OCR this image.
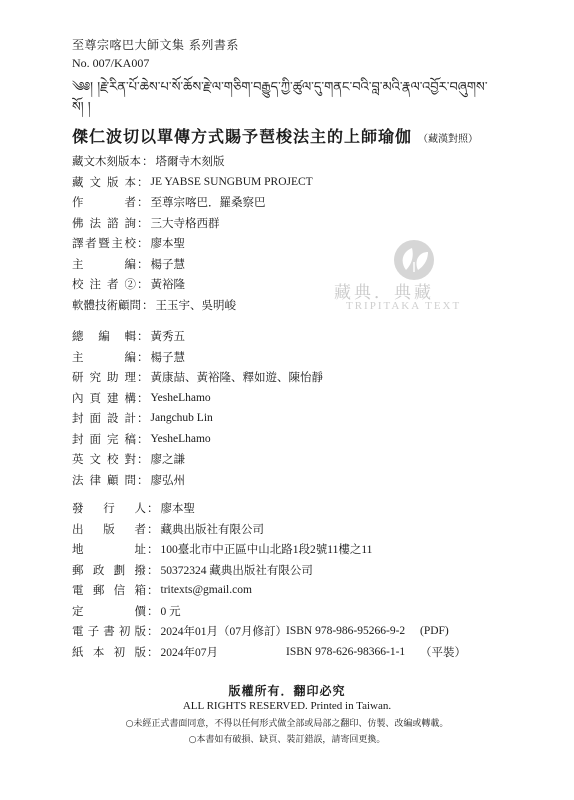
至尊宗喀巴大師文集 系列書系
No. 007/KA007
༄༅། །རྗེ་རིན་པོ་ཆེས་པ་སོ་ཆོས་རྗེ་ལ་གཅིག་བརྒྱུད་ཀྱི་ཚུལ་དུ་གནང་བའི་བླ་མའི་རྣལ་འབྱོར་བཞུགས་སོ། །
傑仁波切以單傳方式賜予琶梭法主的上師瑜伽 （藏漢對照）
藏文木刻版本 ： 塔爾寺木刻版
藏文版本 ： JE YABSE SUNGBUM PROJECT
作者 ： 至尊宗喀巴．羅桑察巴
佛法諮詢 ： 三大寺格西群
譯者暨主校 ： 廖本聖
主編 ： 楊子慧
校注者② ： 黃裕隆
軟體技術顧問 ： 王玉宇、吳明峻
藏典．典藏
TRIPITAKA TEXT
總編輯 ： 黃秀五
主編 ： 楊子慧
研究助理 ： 黃康喆、黃裕隆、釋如遊、陳怡靜
內頁建構 ： YesheLhamo
封面設計 ： Jangchub Lin
封面完稿 ： YesheLhamo
英文校對 ： 廖之謙
法律顧問 ： 廖弘州
發行人 ： 廖本聖
出版者 ： 藏典出版社有限公司
地址 ： 100臺北市中正區中山北路1段2號11樓之11
郵政劃撥 ： 50372324 藏典出版社有限公司
電郵信箱 ： tritexts@gmail.com
定價 ： 0 元
電子書初版 ： 2024年01月（07月修訂） ISBN 978-986-95266-9-2 (PDF)
紙本初版 ： 2024年07月	ISBN 978-626-98366-1-1 （平裝）
版權所有．翻印必究
ALL RIGHTS RESERVED. Printed in Taiwan.
○未經正式書面同意，不得以任何形式做全部或局部之翻印、仿製、改編或轉載。
○本書如有破損、缺頁、裝訂錯誤，請寄回更換。
